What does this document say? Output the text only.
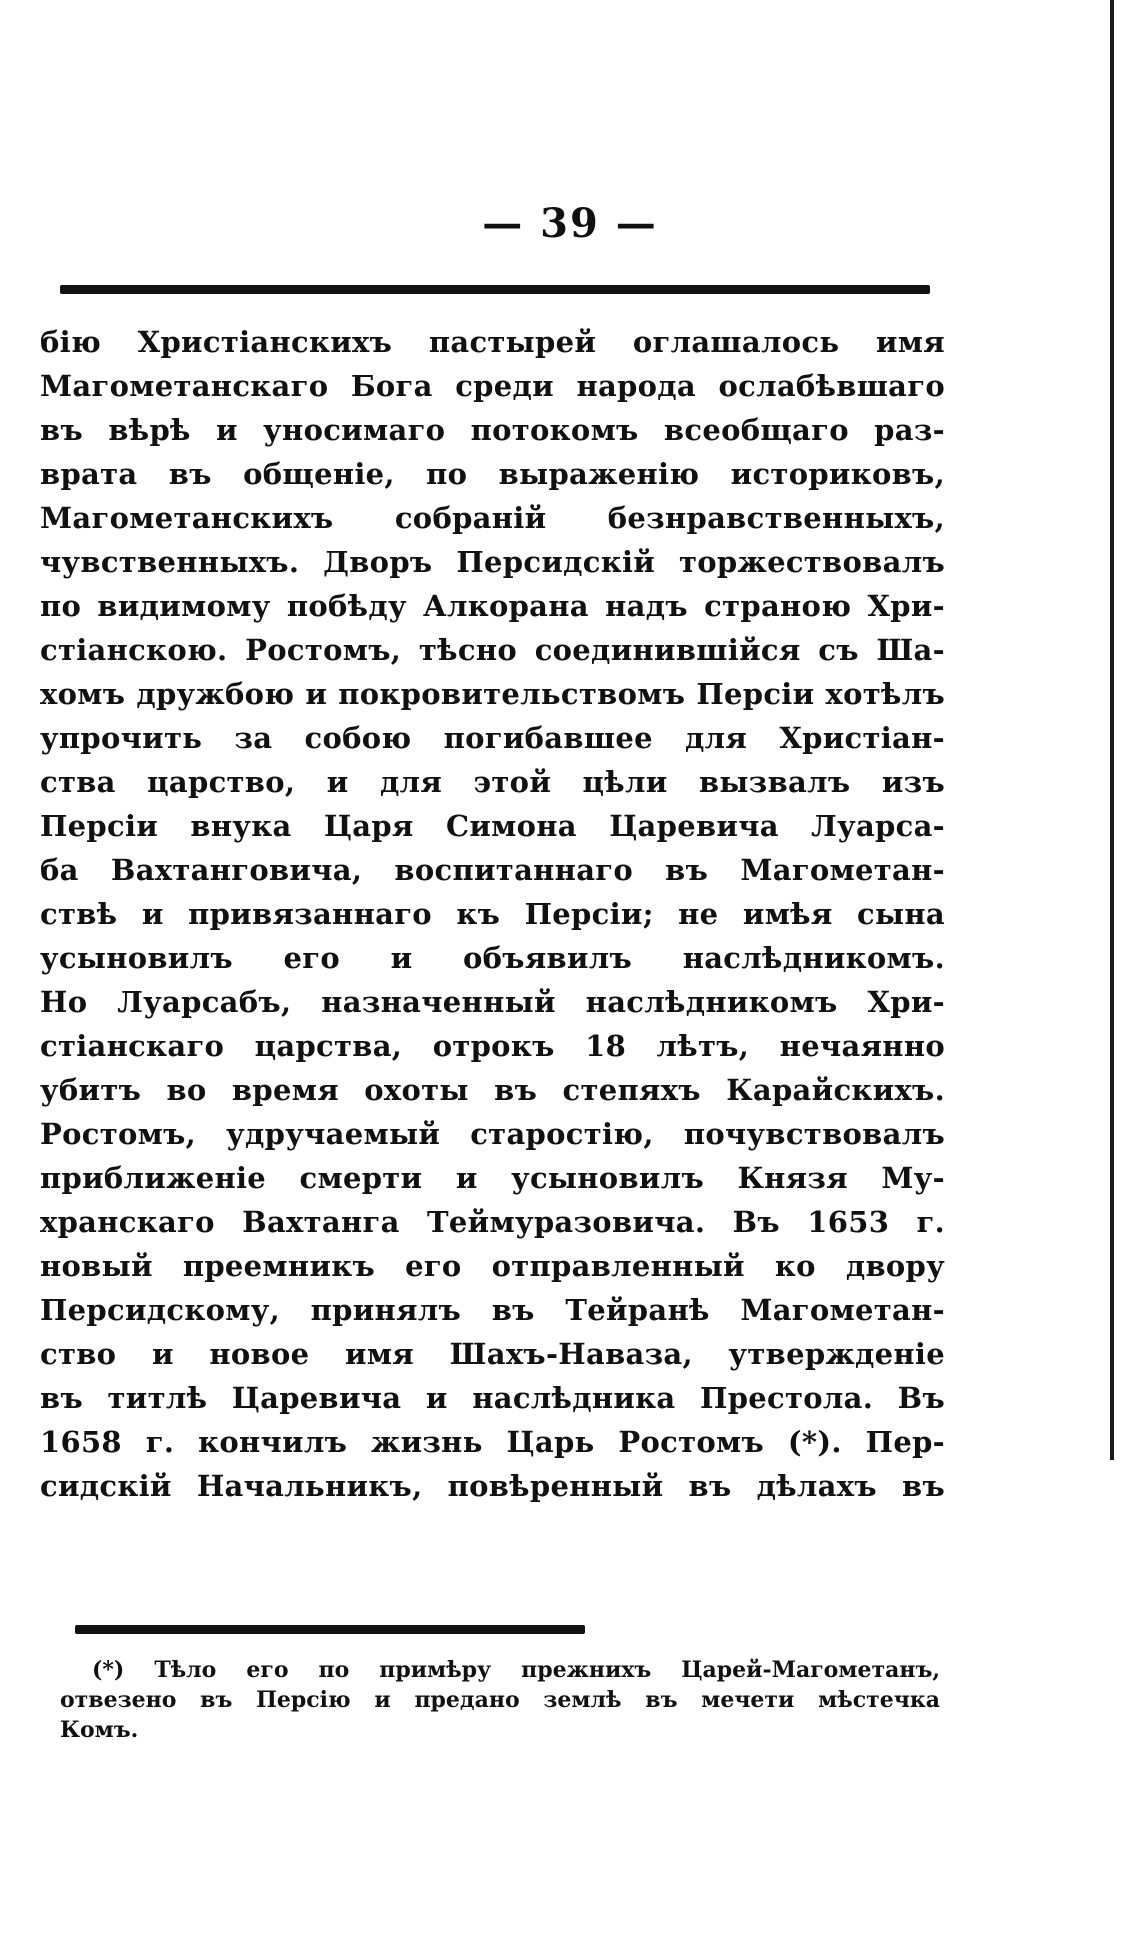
— 39 —
бію Христіанскихъ пастырей оглашалось имя
Магометанскаго Бога среди народа ослабѣвшаго
въ вѣрѣ и уносимаго потокомъ всеобщаго раз-
врата въ общеніе, по выраженію историковъ,
Магометанскихъ собраній безнравственныхъ,
чувственныхъ. Дворъ Персидскій торжествовалъ
по видимому побѣду Алкорана надъ страною Хри-
стіанскою. Ростомъ, тѣсно соединившійся съ Ша-
хомъ дружбою и покровительствомъ Персіи хотѣлъ
упрочить за собою погибавшее для Христіан-
ства царство, и для этой цѣли вызвалъ изъ
Персіи внука Царя Симона Царевича Луарса-
ба Вахтанговича, воспитаннаго въ Магометан-
ствѣ и привязаннаго къ Персіи; не имѣя сына
усыновилъ его и объявилъ наслѣдникомъ.
Но Луарсабъ, назначенный наслѣдникомъ Хри-
стіанскаго царства, отрокъ 18 лѣтъ, нечаянно
убитъ во время охоты въ степяхъ Карайскихъ.
Ростомъ, удручаемый старостію, почувствовалъ
приближеніе смерти и усыновилъ Князя Му-
хранскаго Вахтанга Теймуразовича. Въ 1653 г.
новый преемникъ его отправленный ко двору
Персидскому, принялъ въ Тейранѣ Магометан-
ство и новое имя Шахъ-Наваза, утвержденіе
въ титлѣ Царевича и наслѣдника Престола. Въ
1658 г. кончилъ жизнь Царь Ростомъ (*). Пер-
сидскій Начальникъ, повѣренный въ дѣлахъ въ
(*) Тѣло его по примѣру прежнихъ Царей-Магометанъ,
отвезено въ Персію и предано землѣ въ мечети мѣстечка
Комъ.
